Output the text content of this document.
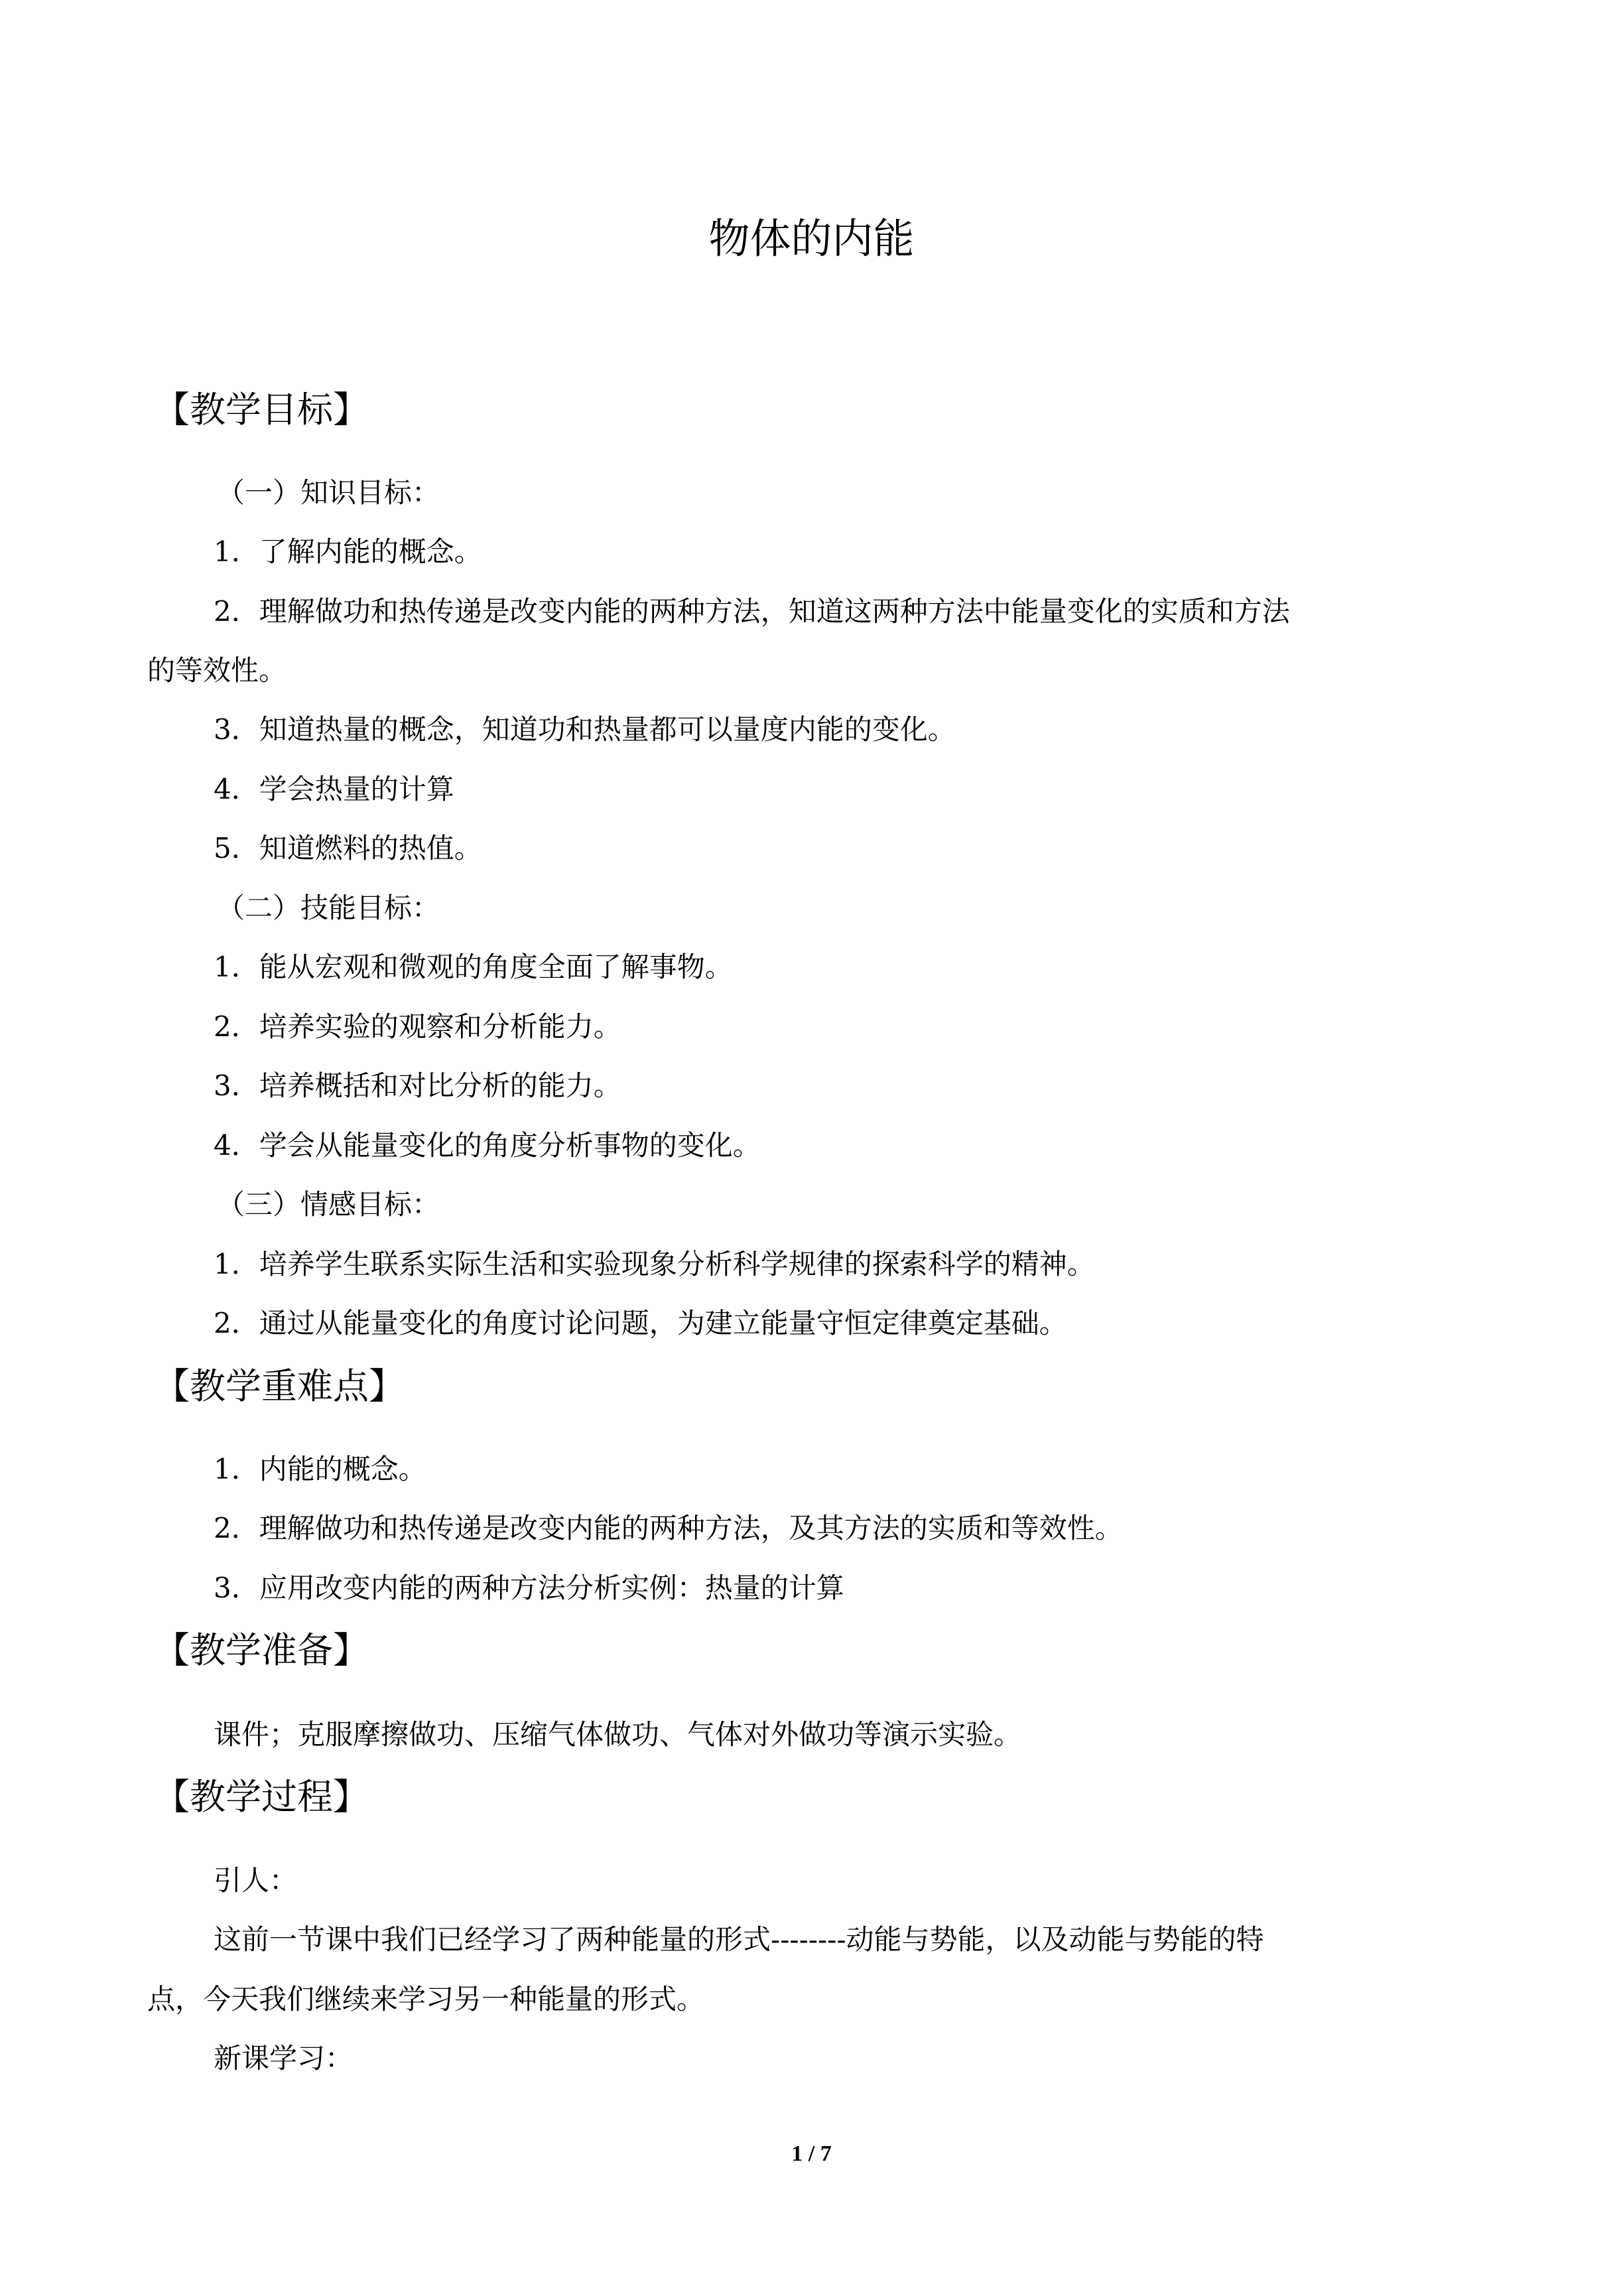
物体的内能
【教学目标】

（一）知识目标：

1．了解内能的概念。

2．理解做功和热传递是改变内能的两种方法，知道这两种方法中能量变化的实质和方法

的等效性。

3．知道热量的概念，知道功和热量都可以量度内能的变化。

4．学会热量的计算

5．知道燃料的热值。

（二）技能目标：

1．能从宏观和微观的角度全面了解事物。

2．培养实验的观察和分析能力。

3．培养概括和对比分析的能力。

4．学会从能量变化的角度分析事物的变化。

（三）情感目标：

1．培养学生联系实际生活和实验现象分析科学规律的探索科学的精神。

2．通过从能量变化的角度讨论问题，为建立能量守恒定律奠定基础。

【教学重难点】

1．内能的概念。

2．理解做功和热传递是改变内能的两种方法，及其方法的实质和等效性。

3．应用改变内能的两种方法分析实例：热量的计算

【教学准备】

课件；克服摩擦做功、压缩气体做功、气体对外做功等演示实验。

【教学过程】

引人：

这前一节课中我们已经学习了两种能量的形式--------动能与势能，以及动能与势能的特

点，今天我们继续来学习另一种能量的形式。

新课学习：

1 / 7
